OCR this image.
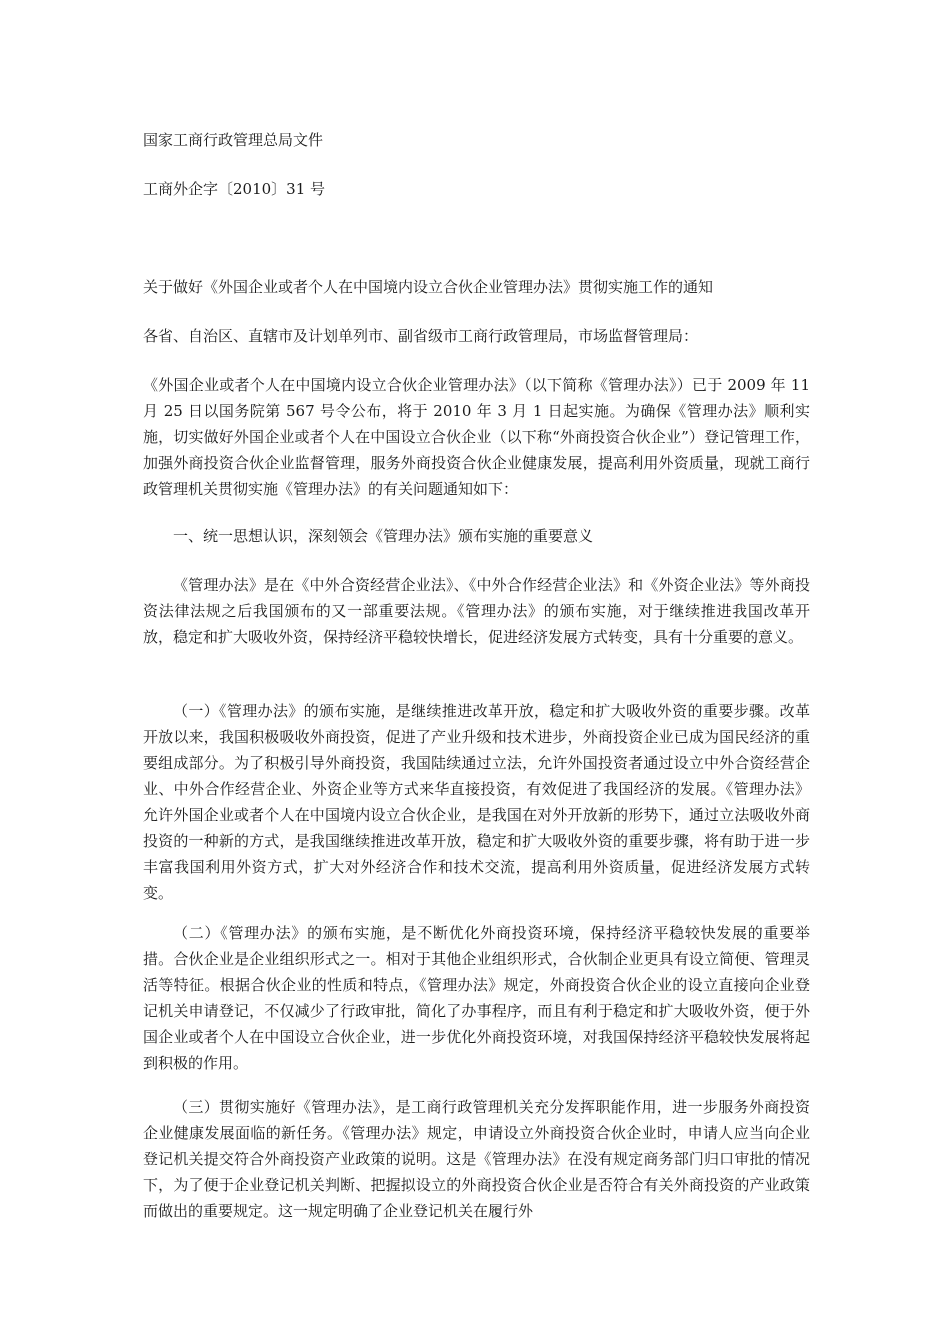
国家工商行政管理总局文件

工商外企字〔2010〕31 号

关于做好《外国企业或者个人在中国境内设立合伙企业管理办法》贯彻实施工作的通知

各省、自治区、直辖市及计划单列市、副省级市工商行政管理局，市场监督管理局：

《外国企业或者个人在中国境内设立合伙企业管理办法》（以下简称《管理办法》）已于 2009 年 11 月 25 日以国务院第 567 号令公布，将于 2010 年 3 月 1 日起实施。为确保《管理办法》顺利实施，切实做好外国企业或者个人在中国设立合伙企业（以下称“外商投资合伙企业”）登记管理工作，加强外商投资合伙企业监督管理，服务外商投资合伙企业健康发展，提高利用外资质量，现就工商行政管理机关贯彻实施《管理办法》的有关问题通知如下：

一、统一思想认识，深刻领会《管理办法》颁布实施的重要意义

《管理办法》是在《中外合资经营企业法》、《中外合作经营企业法》和《外资企业法》等外商投资法律法规之后我国颁布的又一部重要法规。《管理办法》的颁布实施，对于继续推进我国改革开放，稳定和扩大吸收外资，保持经济平稳较快增长，促进经济发展方式转变，具有十分重要的意义。

（一）《管理办法》的颁布实施，是继续推进改革开放，稳定和扩大吸收外资的重要步骤。改革开放以来，我国积极吸收外商投资，促进了产业升级和技术进步，外商投资企业已成为国民经济的重要组成部分。为了积极引导外商投资，我国陆续通过立法，允许外国投资者通过设立中外合资经营企业、中外合作经营企业、外资企业等方式来华直接投资，有效促进了我国经济的发展。《管理办法》允许外国企业或者个人在中国境内设立合伙企业，是我国在对外开放新的形势下，通过立法吸收外商投资的一种新的方式，是我国继续推进改革开放，稳定和扩大吸收外资的重要步骤，将有助于进一步丰富我国利用外资方式，扩大对外经济合作和技术交流，提高利用外资质量，促进经济发展方式转变。

（二）《管理办法》的颁布实施，是不断优化外商投资环境，保持经济平稳较快发展的重要举措。合伙企业是企业组织形式之一。相对于其他企业组织形式，合伙制企业更具有设立简便、管理灵活等特征。根据合伙企业的性质和特点，《管理办法》规定，外商投资合伙企业的设立直接向企业登记机关申请登记，不仅减少了行政审批，简化了办事程序，而且有利于稳定和扩大吸收外资，便于外国企业或者个人在中国设立合伙企业，进一步优化外商投资环境，对我国保持经济平稳较快发展将起到积极的作用。

（三）贯彻实施好《管理办法》，是工商行政管理机关充分发挥职能作用，进一步服务外商投资企业健康发展面临的新任务。《管理办法》规定，申请设立外商投资合伙企业时，申请人应当向企业登记机关提交符合外商投资产业政策的说明。这是《管理办法》在没有规定商务部门归口审批的情况下，为了便于企业登记机关判断、把握拟设立的外商投资合伙企业是否符合有关外商投资的产业政策而做出的重要规定。这一规定明确了企业登记机关在履行外
